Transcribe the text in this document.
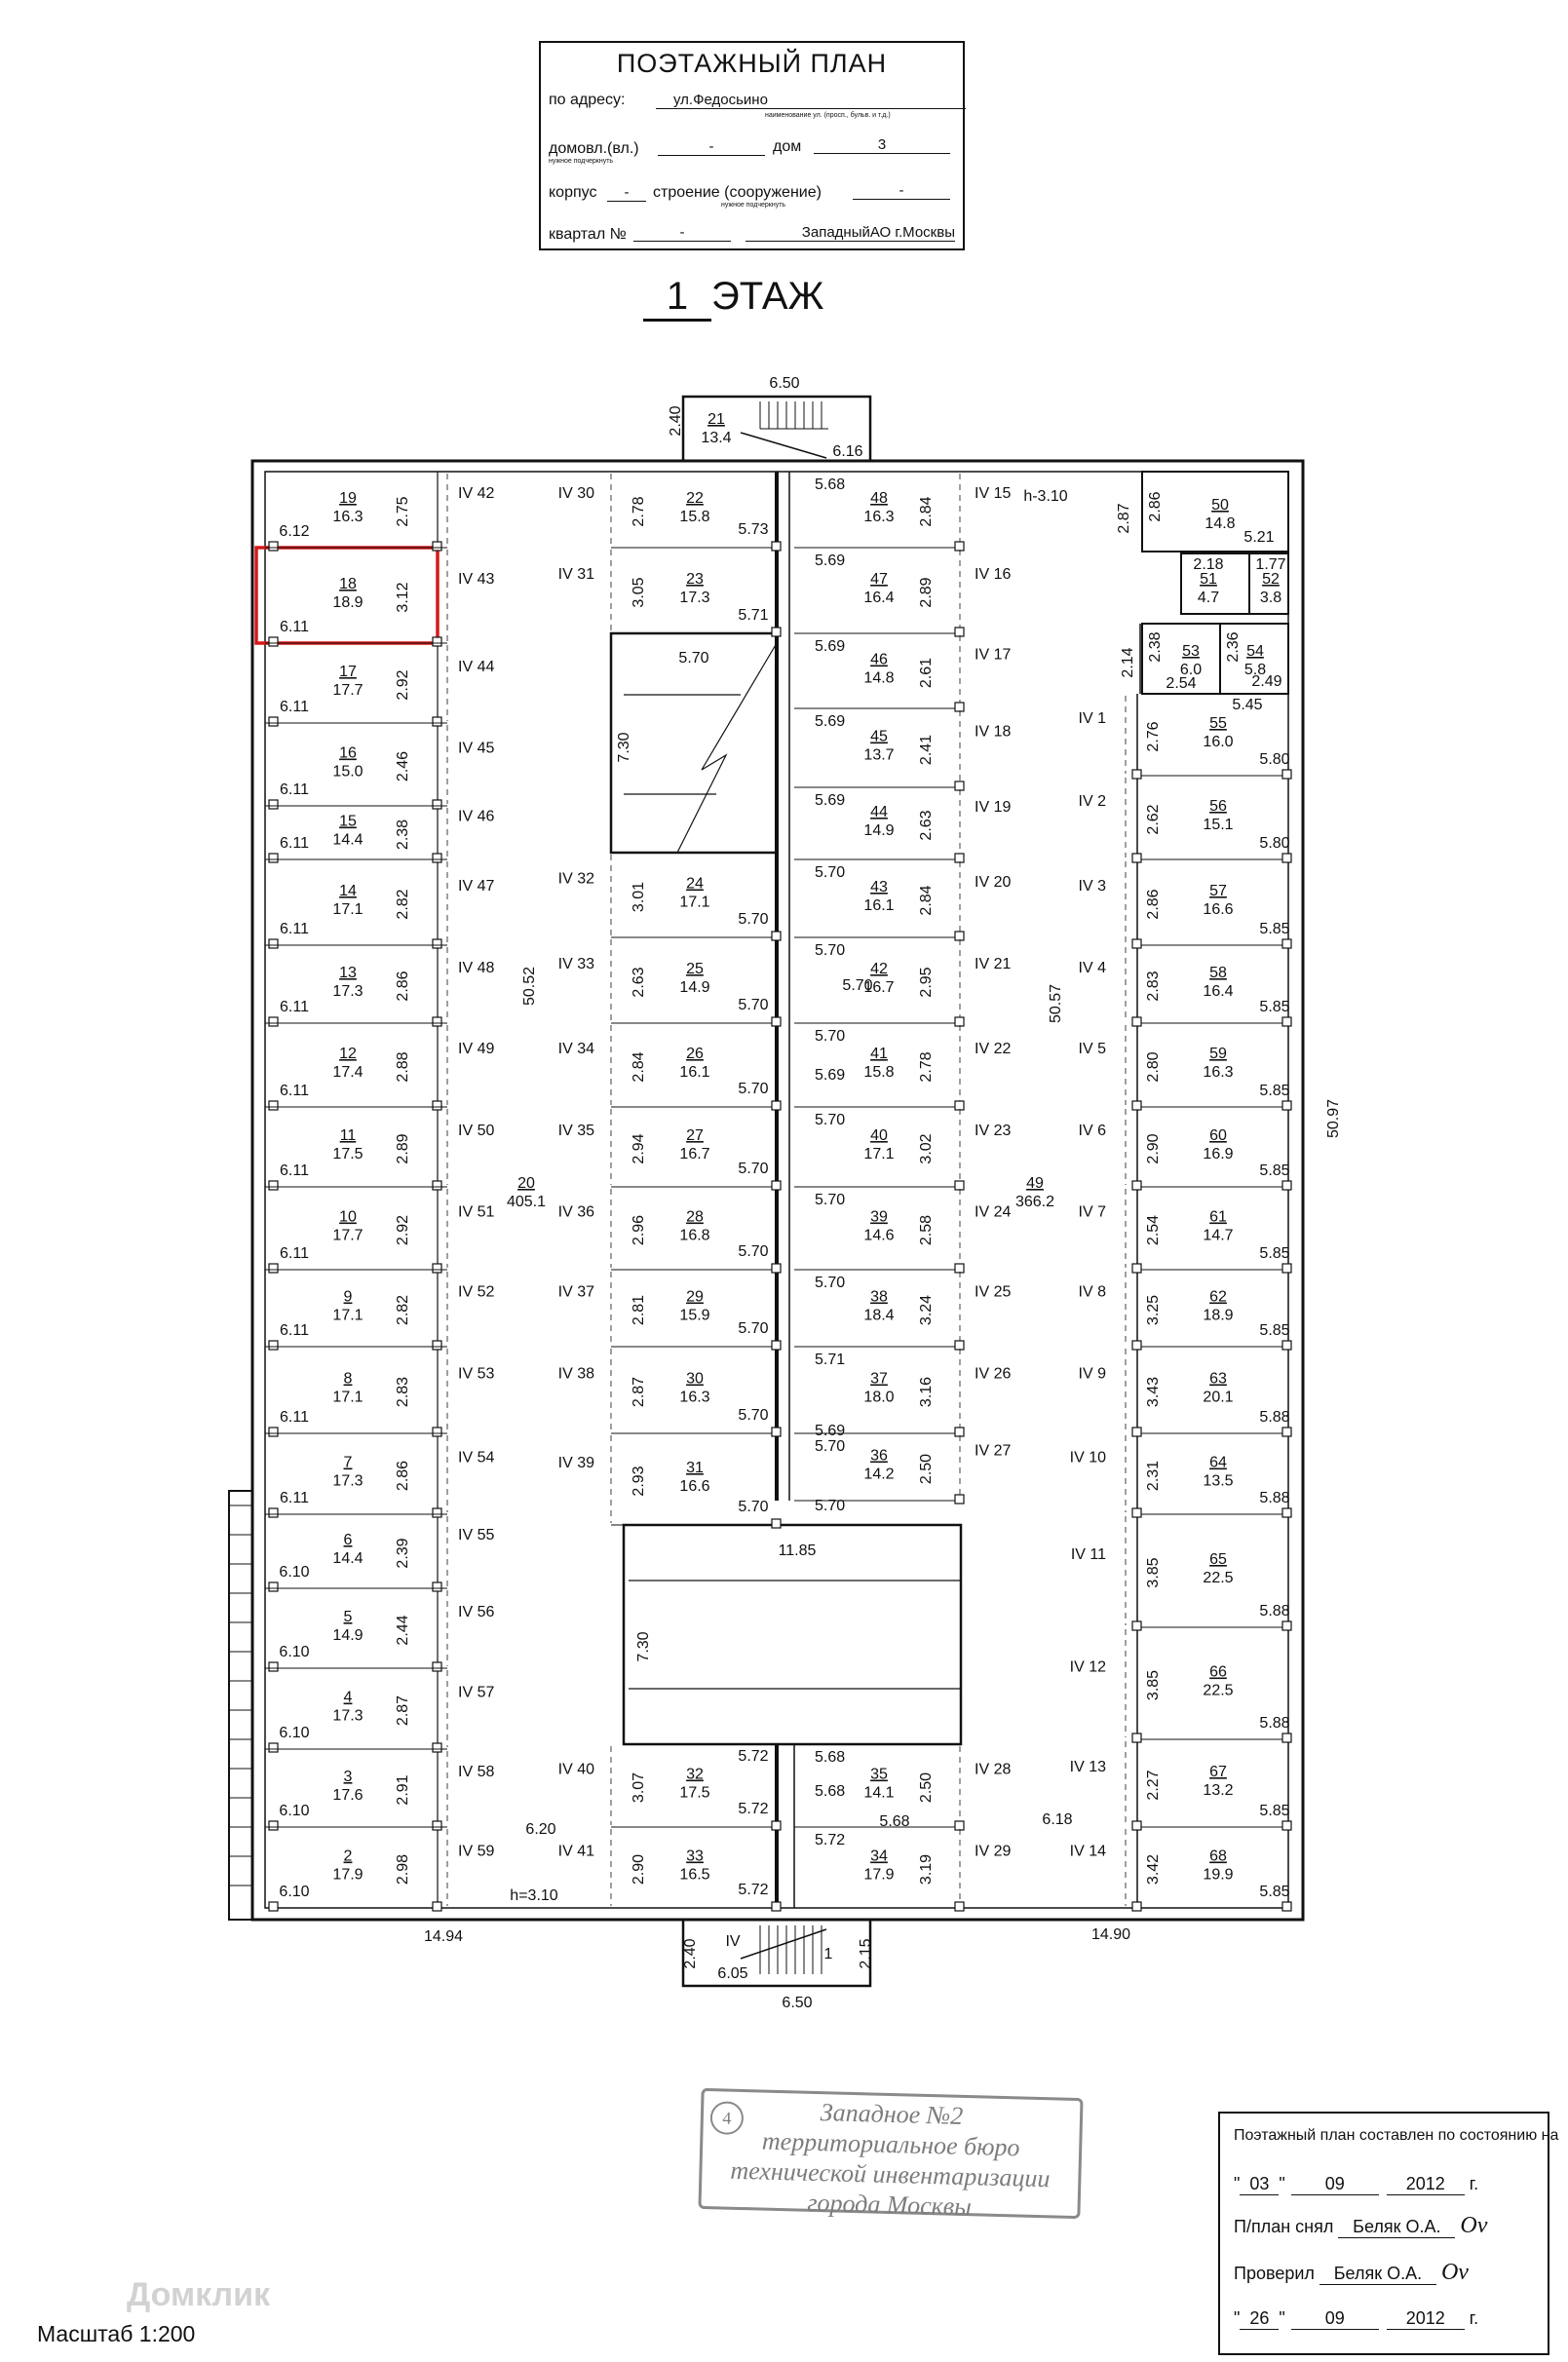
19
16.3
6.12
2.75
IV 42
18
18.9
6.11
3.12
IV 43
17
17.7
6.11
2.92
IV 44
16
15.0
6.11
2.46
IV 45
15
14.4
6.11	2.38
IV 46
14
17.1
6.11
2.82
IV 47
13
17.3
6.11
2.86
IV 48
12
17.4
6.11
2.88
IV 49
11
17.5
6.11
2.89
IV 50
10
17.7
6.11
2.92
IV 51
9
17.1
6.11
2.82
IV 52
8
17.1
6.11
2.83
IV 53
7
17.3
6.11
2.86
IV 54
6
14.4
6.10
2.39
IV 55
5
14.9
6.10
2.44
IV 56
4
17.3
6.10
2.87
IV 57
3
17.6
6.10
2.91
IV 58
2
17.9
6.10
2.98
IV 59
22
15.8
5.73
2.78
IV 30
23
17.3
5.71
3.05
IV 31
24
17.1
5.70
3.01
IV 32
25
14.9
5.70
2.63
IV 33
26
16.1
5.70
2.84
IV 34
27
16.7
5.70
2.94
IV 35
28
16.8
5.70
2.96
IV 36
29
15.9
5.70
2.81
IV 37
30
16.3
5.70
2.87
IV 38
31
16.6
5.70
2.93
IV 39
32
17.5
5.72
3.07
IV 40
33
16.5
5.72
2.90
IV 41
48
16.3
5.68
2.84
IV 15
47
16.4
5.69
2.89
IV 16
46
14.8
5.69
2.61
IV 17
45
13.7
5.69
2.41
IV 18
44
14.9
5.69
2.63
IV 19
43
16.1
5.70
2.84
IV 20
42
16.7
5.70
2.95
IV 21
41
15.8
5.70
2.78
IV 22
40
17.1
5.70
3.02
IV 23
39
14.6
5.70
2.58
IV 24
38
18.4
5.70
3.24
IV 25
37
18.0
5.71
3.16
IV 26
36
14.2
5.70
2.50
IV 27
35
14.1
5.68
2.50
IV 28
34
17.9
5.72
3.19
IV 29
55
16.0
5.80
2.76
IV 1
56
15.1
5.80
2.62
IV 2
57
16.6
5.85
2.86
IV 3
58
16.4
5.85
2.83
IV 4
59
16.3
5.85
2.80
IV 5
60
16.9
5.85
2.90
IV 6
61
14.7
5.85
2.54
IV 7
62
18.9
5.85
3.25
IV 8
63
20.1
5.88
3.43
IV 9
64
13.5
5.88
2.31
IV 10
65
22.5
5.88
3.85
IV 11
66
22.5
5.88
3.85
IV 12
67
13.2
5.85
2.27
IV 13
68
19.9
5.85
3.42
IV 14
50
14.8
51
4.7
52
3.8
53
6.0
54
5.8
21
13.4
1
2.86
5.21
2.87
2.18 1.77
2.38
2.14
2.36
2.54	2.49
5.45
20
405.1
49
366.2
6.50
2.40
6.16
6.50
2.40	2.15
6.05
IV
50.52	50.57
50.97
14.94	14.90
5.70
7.30
11.85
7.30
6.20
6.18
h=3.10
h-3.10
5.70
5.69
5.68
5.72
5.70
5.69
5.68
ПОЭТАЖНЫЙ ПЛАН
по адресу:	ул.Федосьино
наименование ул. (просп., бульв. и т.д.)
домовл.(вл.)	-	дом	3
нужное подчеркнуть
корпус	-	строение (сооружение)	-
нужное подчеркнуть
квартал №	-	ЗападныйАО г.Москвы
1 ЭТАЖ
4	Западное №2
территориальное бюро
технической инвентаризации
города Москвы
Поэтажный план составлен по состоянию на
" 03 " 09	2012 г.
П/план снял Беляк О.А. Ov
Проверил Беляк О.А. Ov
" 26 " 09	2012 г.
Домклик
Масштаб 1:200
